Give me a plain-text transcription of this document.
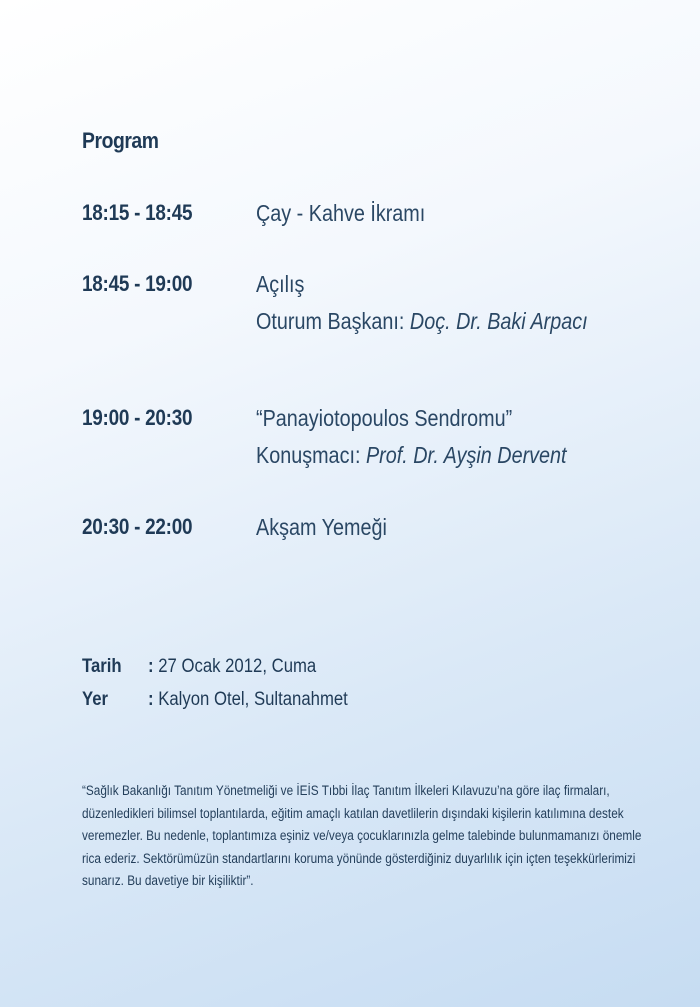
Program
18:15 - 18:45	Çay - Kahve İkramı
18:45 - 19:00	Açılış
Oturum Başkanı: Doç. Dr. Baki Arpacı
19:00 - 20:30	“Panayiotopoulos Sendromu”
Konuşmacı: Prof. Dr. Ayşin Dervent
20:30 - 22:00	Akşam Yemeği
Tarih : 27 Ocak 2012, Cuma
Yer : Kalyon Otel, Sultanahmet
“Sağlık Bakanlığı Tanıtım Yönetmeliği ve İEİS Tıbbi İlaç Tanıtım İlkeleri Kılavuzu’na göre ilaç firmaları,
düzenledikleri bilimsel toplantılarda, eğitim amaçlı katılan davetlilerin dışındaki kişilerin katılımına destek
veremezler. Bu nedenle, toplantımıza eşiniz ve/veya çocuklarınızla gelme talebinde bulunmamanızı önemle
rica ederiz. Sektörümüzün standartlarını koruma yönünde gösterdiğiniz duyarlılık için içten teşekkürlerimizi
sunarız. Bu davetiye bir kişiliktir”.
